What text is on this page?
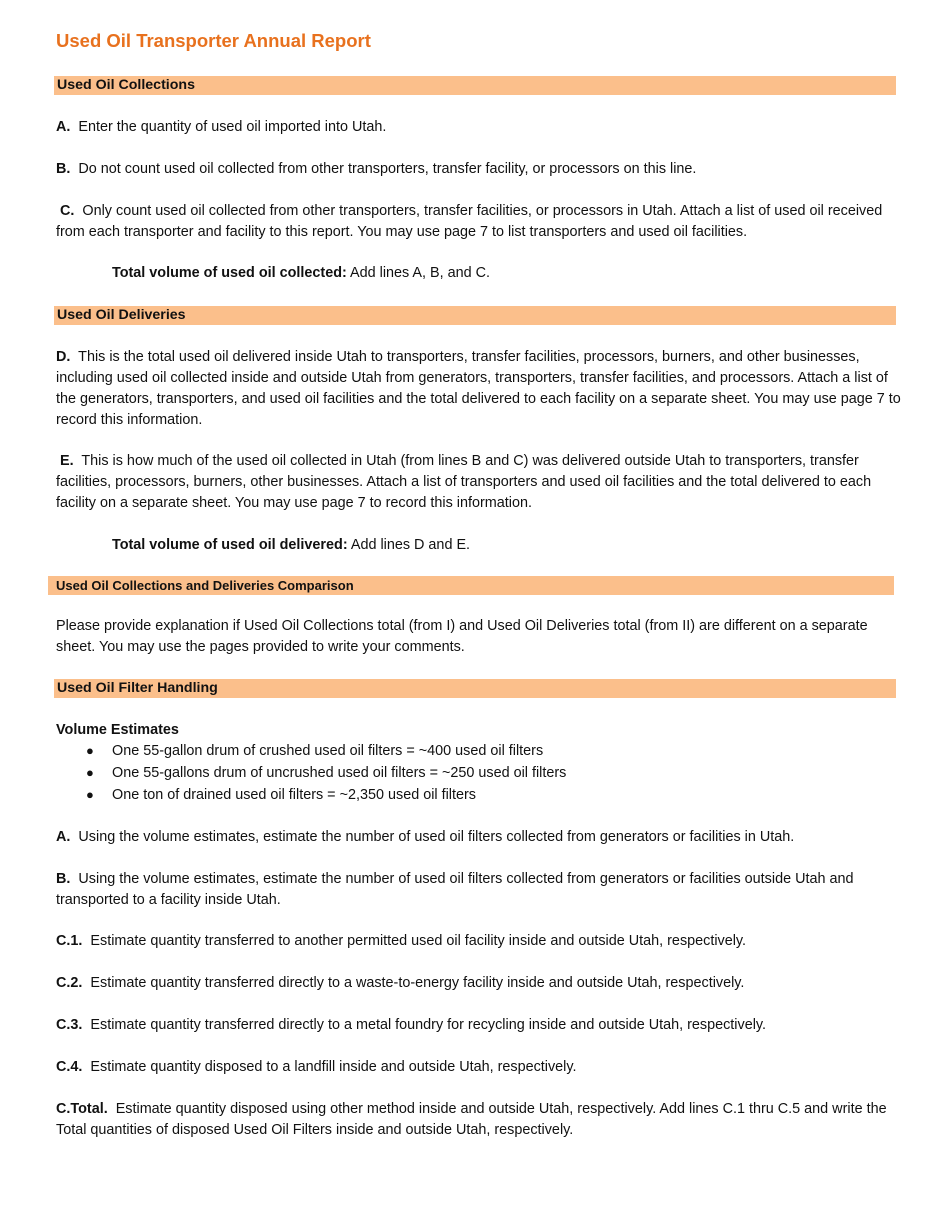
Used Oil Transporter Annual Report
Used Oil Collections
A. Enter the quantity of used oil imported into Utah.
B. Do not count used oil collected from other transporters, transfer facility, or processors on this line.
C. Only count used oil collected from other transporters, transfer facilities, or processors in Utah. Attach a list of used oil received from each transporter and facility to this report. You may use page 7 to list transporters and used oil facilities.
Total volume of used oil collected: Add lines A, B, and C.
Used Oil Deliveries
D. This is the total used oil delivered inside Utah to transporters, transfer facilities, processors, burners, and other businesses, including used oil collected inside and outside Utah from generators, transporters, transfer facilities, and processors. Attach a list of the generators, transporters, and used oil facilities and the total delivered to each facility on a separate sheet. You may use page 7 to record this information.
E. This is how much of the used oil collected in Utah (from lines B and C) was delivered outside Utah to transporters, transfer facilities, processors, burners, other businesses. Attach a list of transporters and used oil facilities and the total delivered to each facility on a separate sheet. You may use page 7 to record this information.
Total volume of used oil delivered: Add lines D and E.
Used Oil Collections and Deliveries Comparison
Please provide explanation if Used Oil Collections total (from I) and Used Oil Deliveries total (from II) are different on a separate sheet. You may use the pages provided to write your comments.
Used Oil Filter Handling
Volume Estimates
● One 55-gallon drum of crushed used oil filters = ~400 used oil filters
● One 55-gallons drum of uncrushed used oil filters = ~250 used oil filters
● One ton of drained used oil filters = ~2,350 used oil filters
A. Using the volume estimates, estimate the number of used oil filters collected from generators or facilities in Utah.
B. Using the volume estimates, estimate the number of used oil filters collected from generators or facilities outside Utah and transported to a facility inside Utah.
C.1. Estimate quantity transferred to another permitted used oil facility inside and outside Utah, respectively.
C.2. Estimate quantity transferred directly to a waste-to-energy facility inside and outside Utah, respectively.
C.3. Estimate quantity transferred directly to a metal foundry for recycling inside and outside Utah, respectively.
C.4. Estimate quantity disposed to a landfill inside and outside Utah, respectively.
C.Total. Estimate quantity disposed using other method inside and outside Utah, respectively. Add lines C.1 thru C.5 and write the Total quantities of disposed Used Oil Filters inside and outside Utah, respectively.
